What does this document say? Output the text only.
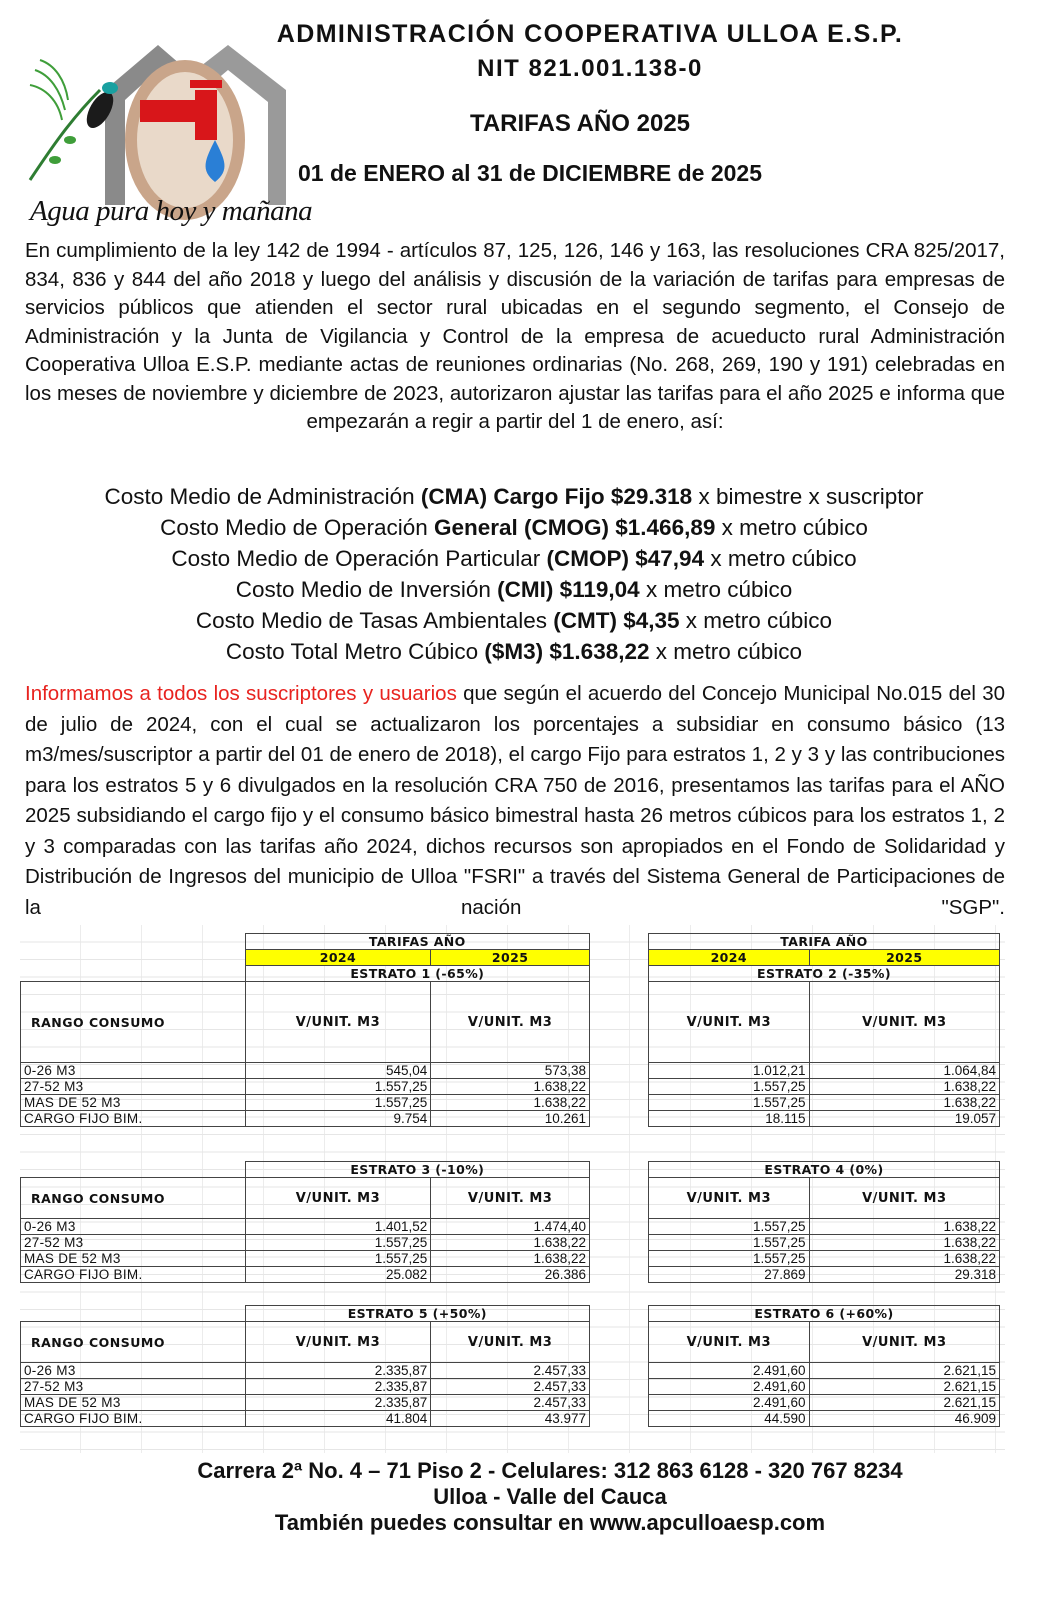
Agua pura hoy y mañana
ADMINISTRACIÓN COOPERATIVA ULLOA E.S.P.
NIT 821.001.138-0
TARIFAS AÑO 2025
01 de ENERO al 31 de DICIEMBRE de 2025
En cumplimiento de la ley 142 de 1994 - artículos 87, 125, 126, 146 y 163, las resoluciones CRA 825/2017, 834, 836 y 844 del año 2018 y luego del análisis y discusión de la variación de tarifas para empresas de servicios públicos que atienden el sector rural ubicadas en el segundo segmento, el Consejo de Administración y la Junta de Vigilancia y Control de la empresa de acueducto rural Administración Cooperativa Ulloa E.S.P. mediante actas de reuniones ordinarias (No. 268, 269, 190 y 191) celebradas en los meses de noviembre y diciembre de 2023, autorizaron ajustar las tarifas para el año 2025 e informa que empezarán a regir a partir del 1 de enero, así:
Costo Medio de Administración (CMA) Cargo Fijo $29.318 x bimestre x suscriptor
Costo Medio de Operación General (CMOG) $1.466,89 x metro cúbico
Costo Medio de Operación Particular (CMOP) $47,94 x metro cúbico
Costo Medio de Inversión (CMI) $119,04 x metro cúbico
Costo Medio de Tasas Ambientales (CMT) $4,35 x metro cúbico
Costo Total Metro Cúbico ($M3) $1.638,22 x metro cúbico
Informamos a todos los suscriptores y usuarios que según el acuerdo del Concejo Municipal No.015 del 30 de julio de 2024, con el cual se actualizaron los porcentajes a subsidiar en consumo básico (13 m3/mes/suscriptor a partir del 01 de enero de 2018), el cargo Fijo para estratos 1, 2 y 3 y las contribuciones para los estratos 5 y 6 divulgados en la resolución CRA 750 de 2016, presentamos las tarifas para el AÑO 2025 subsidiando el cargo fijo y el consumo básico bimestral hasta 26 metros cúbicos para los estratos 1, 2 y 3 comparadas con las tarifas año 2024, dichos recursos son apropiados en el Fondo de Solidaridad y Distribución de Ingresos del municipio de Ulloa "FSRI" a través del Sistema General de Participaciones de la nación "SGP".
	TARIFAS AÑO	
	2024	2025
	ESTRATO 1 (-65%)	
RANGO CONSUMO	V/UNIT. M3	V/UNIT. M3
0-26 M3	545,04	573,38
27-52 M3	1.557,25	1.638,22
MAS DE 52 M3	1.557,25	1.638,22
CARGO FIJO BIM.	9.754	10.261
TARIFA AÑO	
2024	2025
ESTRATO 2 (-35%)	
V/UNIT. M3	V/UNIT. M3
1.012,21	1.064,84
1.557,25	1.638,22
1.557,25	1.638,22
18.115	19.057
	ESTRATO 3 (-10%)	
RANGO CONSUMO	V/UNIT. M3	V/UNIT. M3
0-26 M3	1.401,52	1.474,40
27-52 M3	1.557,25	1.638,22
MAS DE 52 M3	1.557,25	1.638,22
CARGO FIJO BIM.	25.082	26.386
ESTRATO 4 (0%)	
V/UNIT. M3	V/UNIT. M3
1.557,25	1.638,22
1.557,25	1.638,22
1.557,25	1.638,22
27.869	29.318
	ESTRATO 5 (+50%)	
RANGO CONSUMO	V/UNIT. M3	V/UNIT. M3
0-26 M3	2.335,87	2.457,33
27-52 M3	2.335,87	2.457,33
MAS DE 52 M3	2.335,87	2.457,33
CARGO FIJO BIM.	41.804	43.977
ESTRATO 6 (+60%)	
V/UNIT. M3	V/UNIT. M3
2.491,60	2.621,15
2.491,60	2.621,15
2.491,60	2.621,15
44.590	46.909
Carrera 2ª No. 4 – 71 Piso 2 - Celulares: 312 863 6128 - 320 767 8234
Ulloa - Valle del Cauca
También puedes consultar en www.apculloaesp.com
